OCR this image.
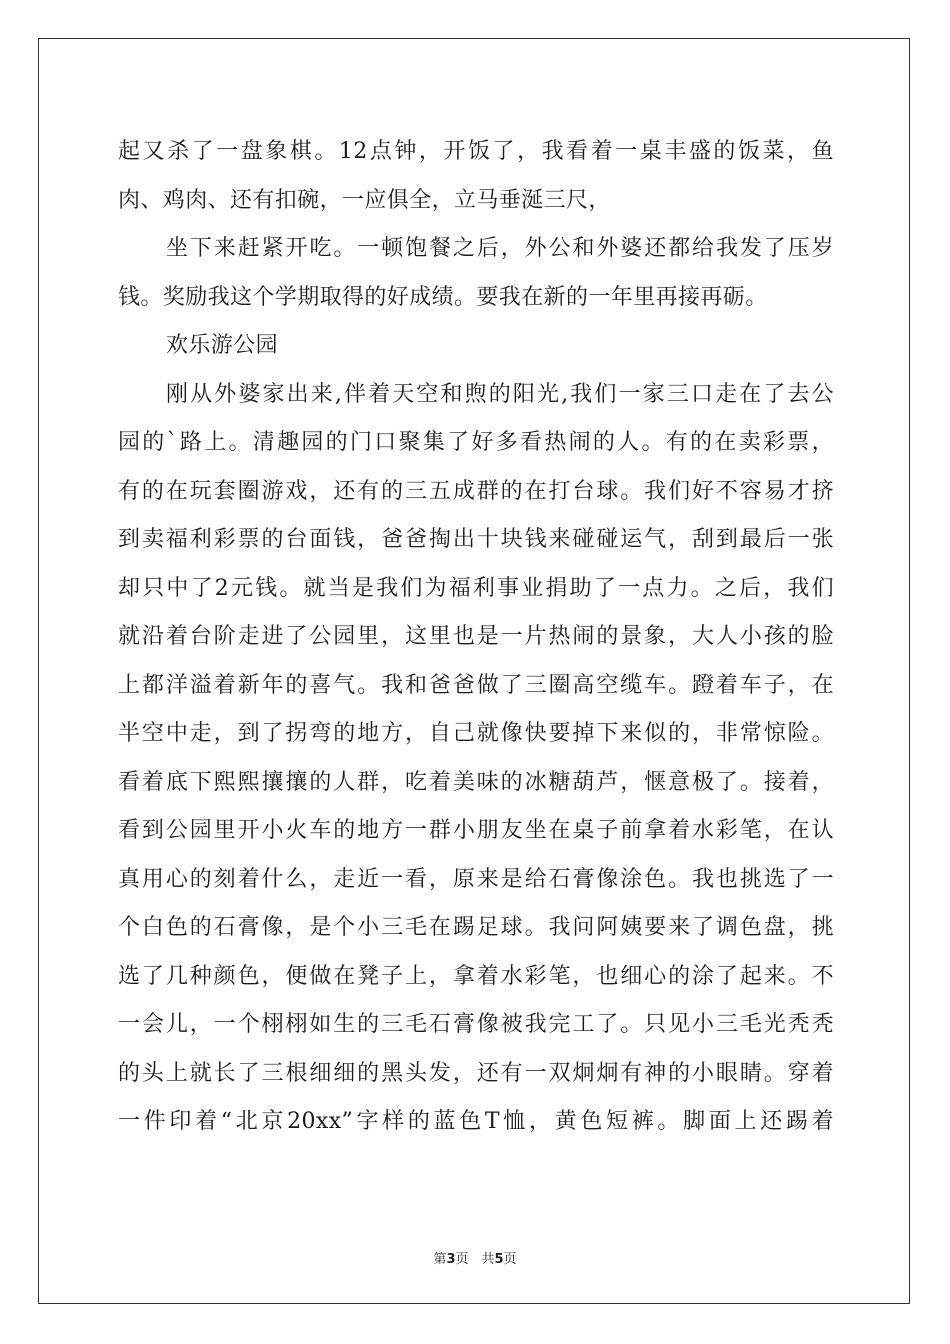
起又杀了一盘象棋。12点钟，开饭了，我看着一桌丰盛的饭菜，鱼
肉、鸡肉、还有扣碗，一应俱全，立马垂涎三尺，
坐下来赶紧开吃。一顿饱餐之后，外公和外婆还都给我发了压岁
钱。奖励我这个学期取得的好成绩。要我在新的一年里再接再砺。
欢乐游公园
刚从外婆家出来,伴着天空和煦的阳光,我们一家三口走在了去公
园的`路上。清趣园的门口聚集了好多看热闹的人。有的在卖彩票，
有的在玩套圈游戏，还有的三五成群的在打台球。我们好不容易才挤
到卖福利彩票的台面钱，爸爸掏出十块钱来碰碰运气，刮到最后一张
却只中了2元钱。就当是我们为福利事业捐助了一点力。之后，我们
就沿着台阶走进了公园里，这里也是一片热闹的景象，大人小孩的脸
上都洋溢着新年的喜气。我和爸爸做了三圈高空缆车。蹬着车子，在
半空中走，到了拐弯的地方，自己就像快要掉下来似的，非常惊险。
看着底下熙熙攘攘的人群，吃着美味的冰糖葫芦，惬意极了。接着，
看到公园里开小火车的地方一群小朋友坐在桌子前拿着水彩笔，在认
真用心的刻着什么，走近一看，原来是给石膏像涂色。我也挑选了一
个白色的石膏像，是个小三毛在踢足球。我问阿姨要来了调色盘，挑
选了几种颜色，便做在凳子上，拿着水彩笔，也细心的涂了起来。不
一会儿，一个栩栩如生的三毛石膏像被我完工了。只见小三毛光秃秃
的头上就长了三根细细的黑头发，还有一双炯炯有神的小眼睛。穿着
一件印着“北京20xx”字样的蓝色T恤，黄色短裤。脚面上还踢着
第3页　共5页
